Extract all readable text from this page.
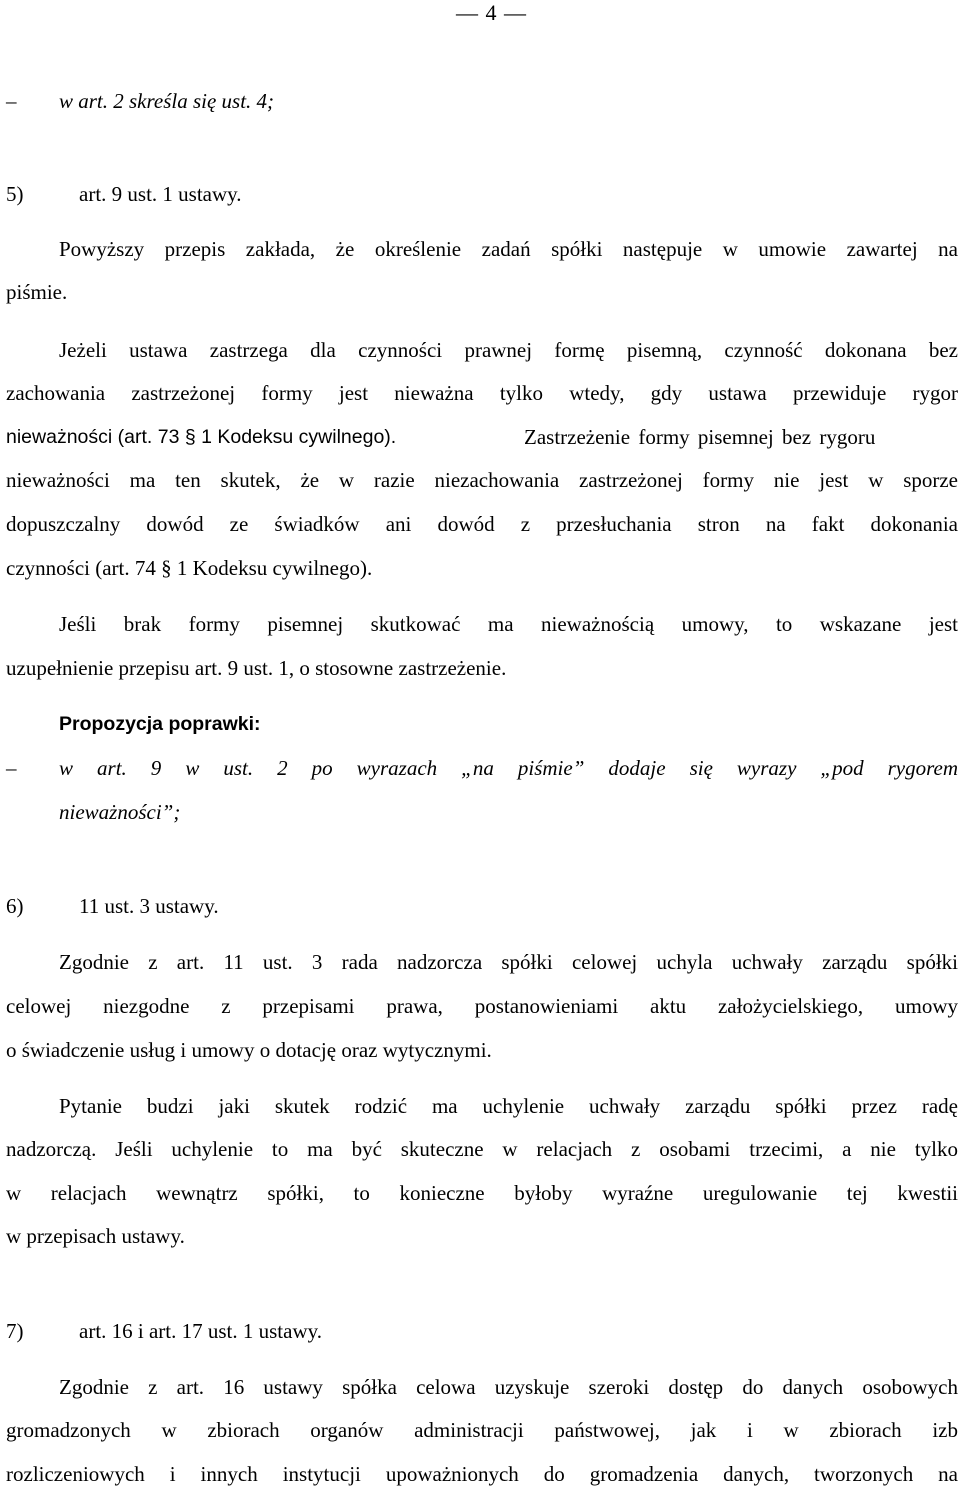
— 4 —
– w art. 2 skreśla się ust. 4;
5)	art. 9 ust. 1 ustawy.
Powyższy przepis zakłada, że określenie zadań spółki następuje w umowie zawartej na
piśmie.
Jeżeli ustawa zastrzega dla czynności prawnej formę pisemną, czynność dokonana bez
zachowania zastrzeżonej formy jest nieważna tylko wtedy, gdy ustawa przewiduje rygor
nieważności (art. 73 § 1 Kodeksu cywilnego).	Zastrzeżenie formy pisemnej bez rygoru
nieważności ma ten skutek, że w razie niezachowania zastrzeżonej formy nie jest w sporze
dopuszczalny dowód ze świadków ani dowód z przesłuchania stron na fakt dokonania
czynności (art. 74 § 1 Kodeksu cywilnego).
Jeśli brak formy pisemnej skutkować ma nieważnością umowy, to wskazane jest
uzupełnienie przepisu art. 9 ust. 1, o stosowne zastrzeżenie.
Propozycja poprawki:
– w art. 9 w ust. 2 po wyrazach „na piśmie” dodaje się wyrazy „pod rygorem
nieważności”;
6)	11 ust. 3 ustawy.
Zgodnie z art. 11 ust. 3 rada nadzorcza spółki celowej uchyla uchwały zarządu spółki
celowej niezgodne z przepisami prawa, postanowieniami aktu założycielskiego, umowy
o świadczenie usług i umowy o dotację oraz wytycznymi.
Pytanie budzi jaki skutek rodzić ma uchylenie uchwały zarządu spółki przez radę
nadzorczą. Jeśli uchylenie to ma być skuteczne w relacjach z osobami trzecimi, a nie tylko
w relacjach wewnątrz spółki, to konieczne byłoby wyraźne uregulowanie tej kwestii
w przepisach ustawy.
7)	art. 16 i art. 17 ust. 1 ustawy.
Zgodnie z art. 16 ustawy spółka celowa uzyskuje szeroki dostęp do danych osobowych
gromadzonych w zbiorach organów administracji państwowej, jak i w zbiorach izb
rozliczeniowych i innych instytucji upoważnionych do gromadzenia danych, tworzonych na
